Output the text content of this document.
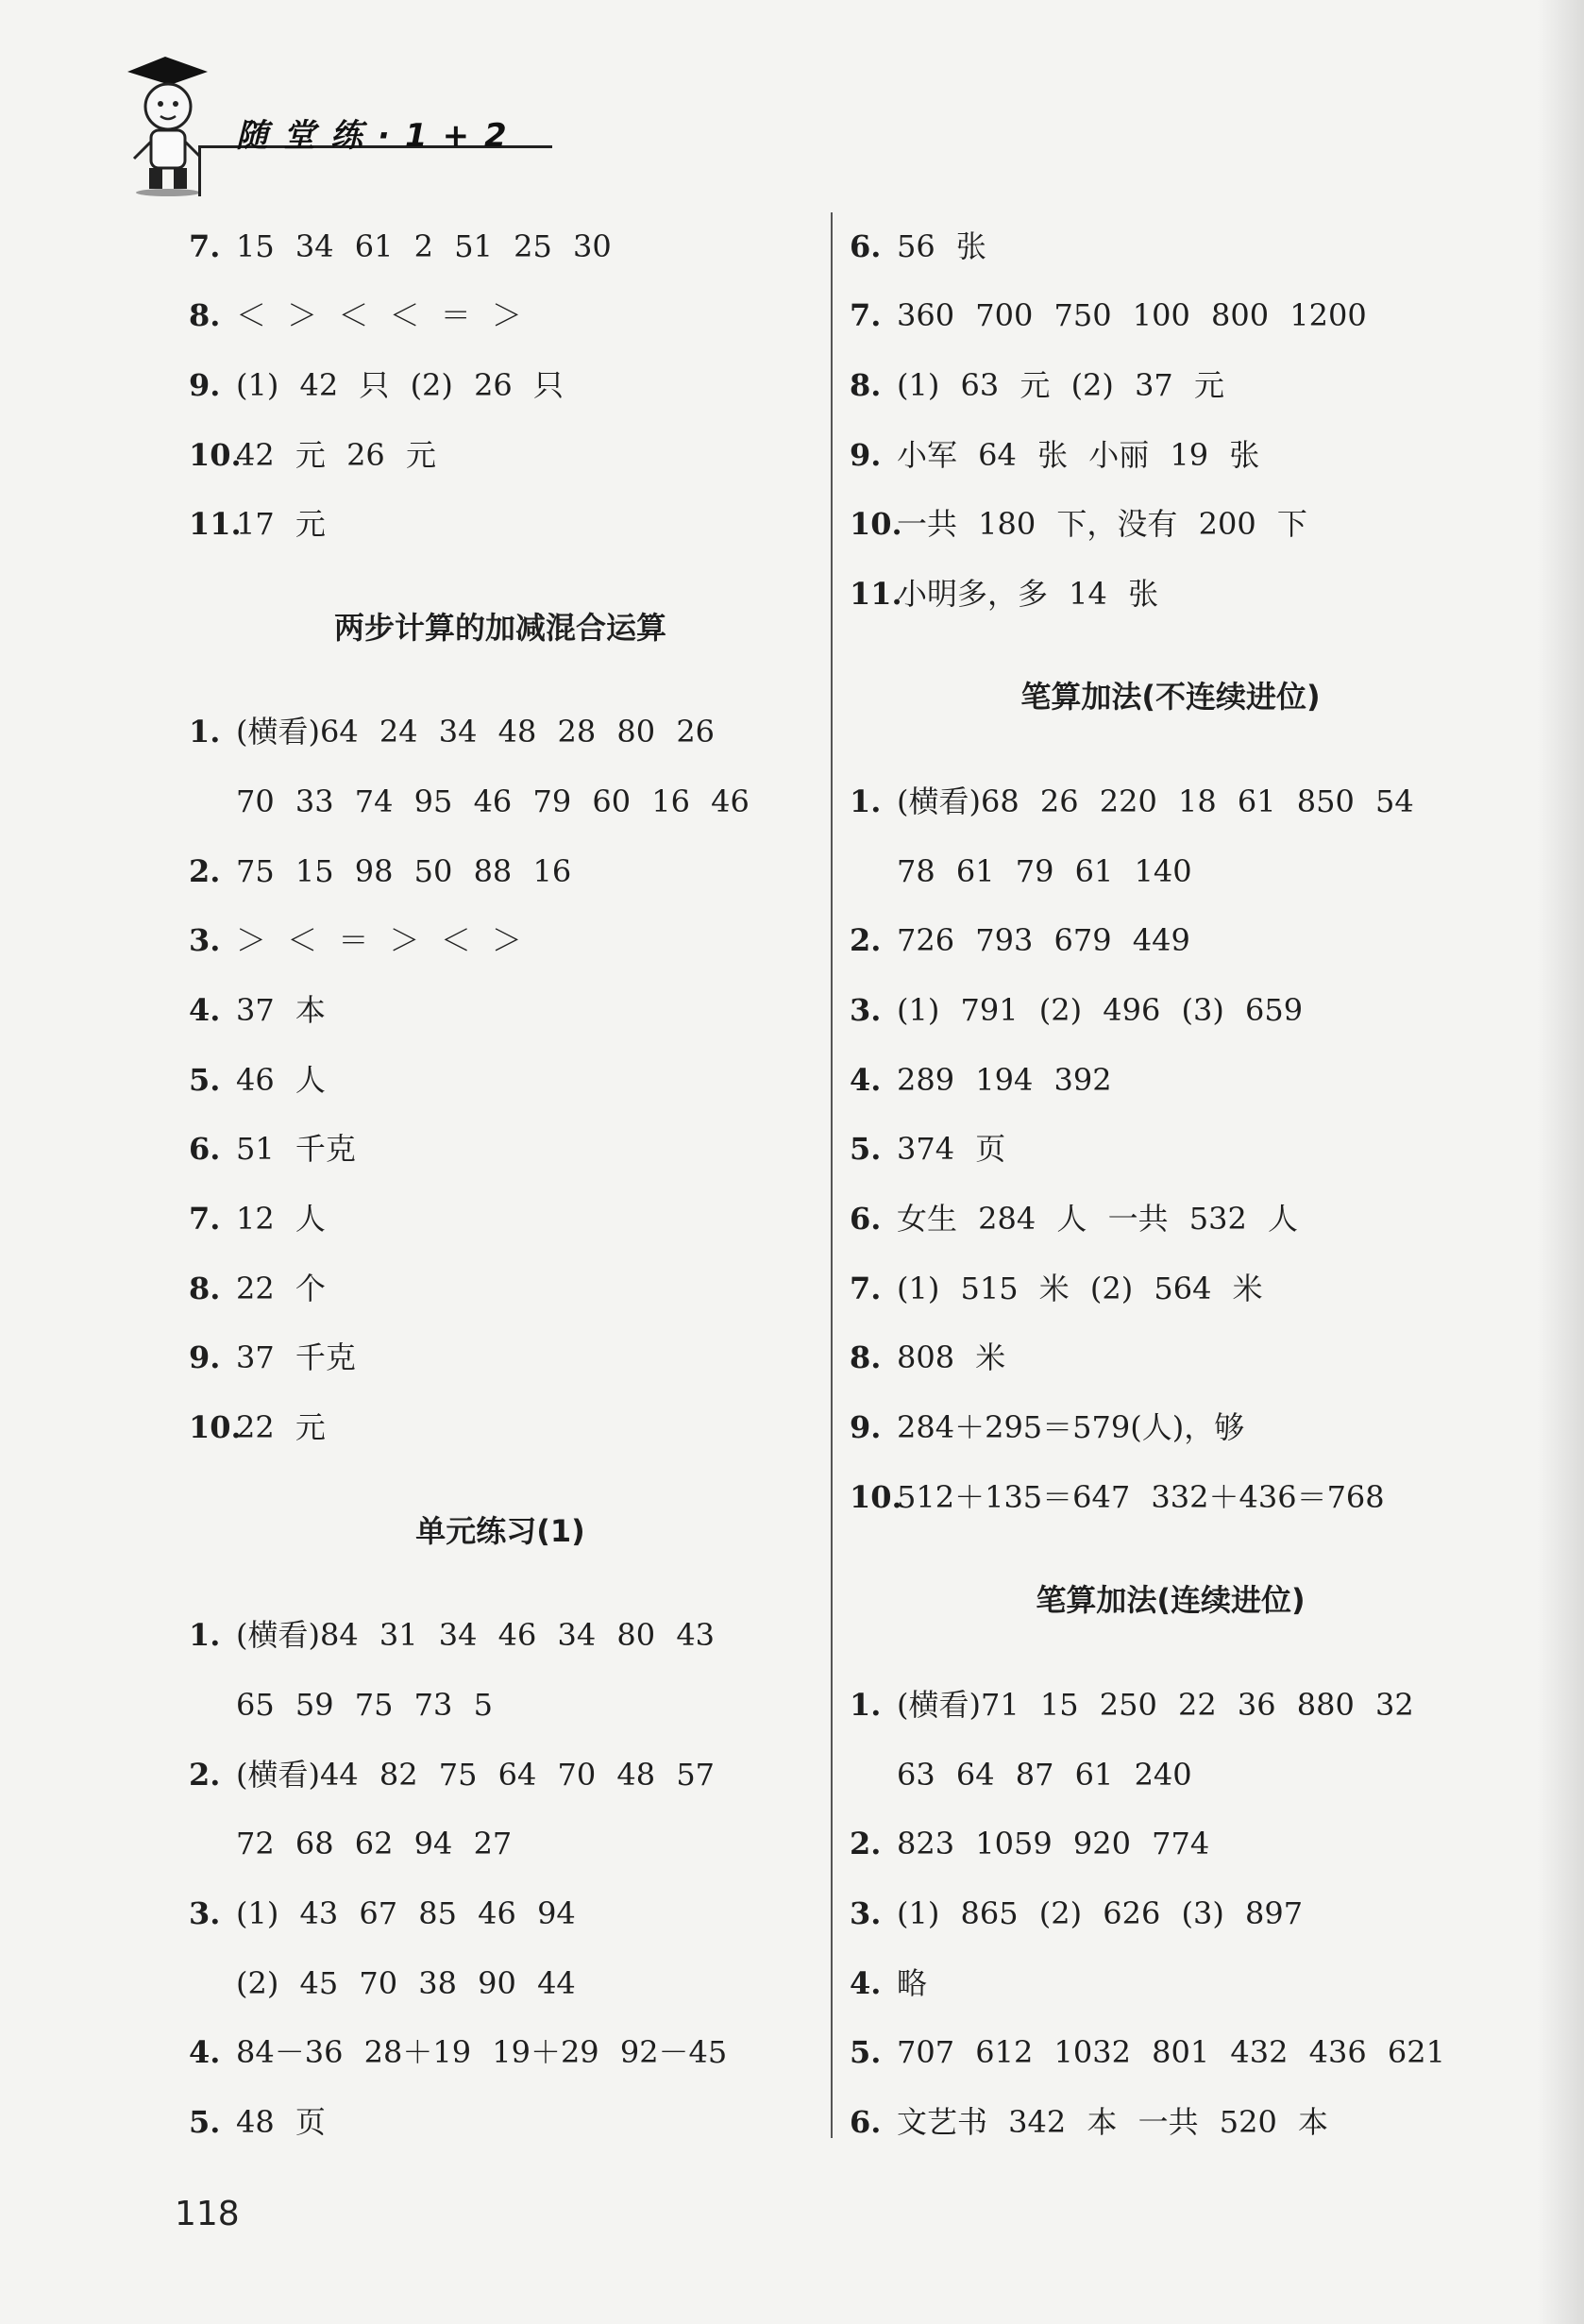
随堂练·1+2
7. 15 34 61 2 51 25 30
8. ＜ ＞ ＜ ＜ ＝ ＞
9. (1) 42 只 (2) 26 只
10.42 元 26 元
11.17 元
两步计算的加减混合运算
1. (横看)64 24 34 48 28 80 26
70 33 74 95 46 79 60 16 46
2. 75 15 98 50 88 16
3. ＞ ＜ ＝ ＞ ＜ ＞
4. 37 本
5. 46 人
6. 51 千克
7. 12 人
8. 22 个
9. 37 千克
10.22 元
单元练习(1)
1. (横看)84 31 34 46 34 80 43
65 59 75 73 5
2. (横看)44 82 75 64 70 48 57
72 68 62 94 27
3. (1) 43 67 85 46 94
(2) 45 70 38 90 44
4. 84－36 28＋19 19＋29 92－45
5. 48 页
6. 56 张
7. 360 700 750 100 800 1200
8. (1) 63 元 (2) 37 元
9. 小军 64 张 小丽 19 张
10.一共 180 下，没有 200 下
11.小明多，多 14 张
笔算加法(不连续进位)
1. (横看)68 26 220 18 61 850 54
78 61 79 61 140
2. 726 793 679 449
3. (1) 791 (2) 496 (3) 659
4. 289 194 392
5. 374 页
6. 女生 284 人 一共 532 人
7. (1) 515 米 (2) 564 米
8. 808 米
9. 284＋295＝579(人)，够
10.512＋135＝647 332＋436＝768
笔算加法(连续进位)
1. (横看)71 15 250 22 36 880 32
63 64 87 61 240
2. 823 1059 920 774
3. (1) 865 (2) 626 (3) 897
4. 略
5. 707 612 1032 801 432 436 621
6. 文艺书 342 本 一共 520 本
118
